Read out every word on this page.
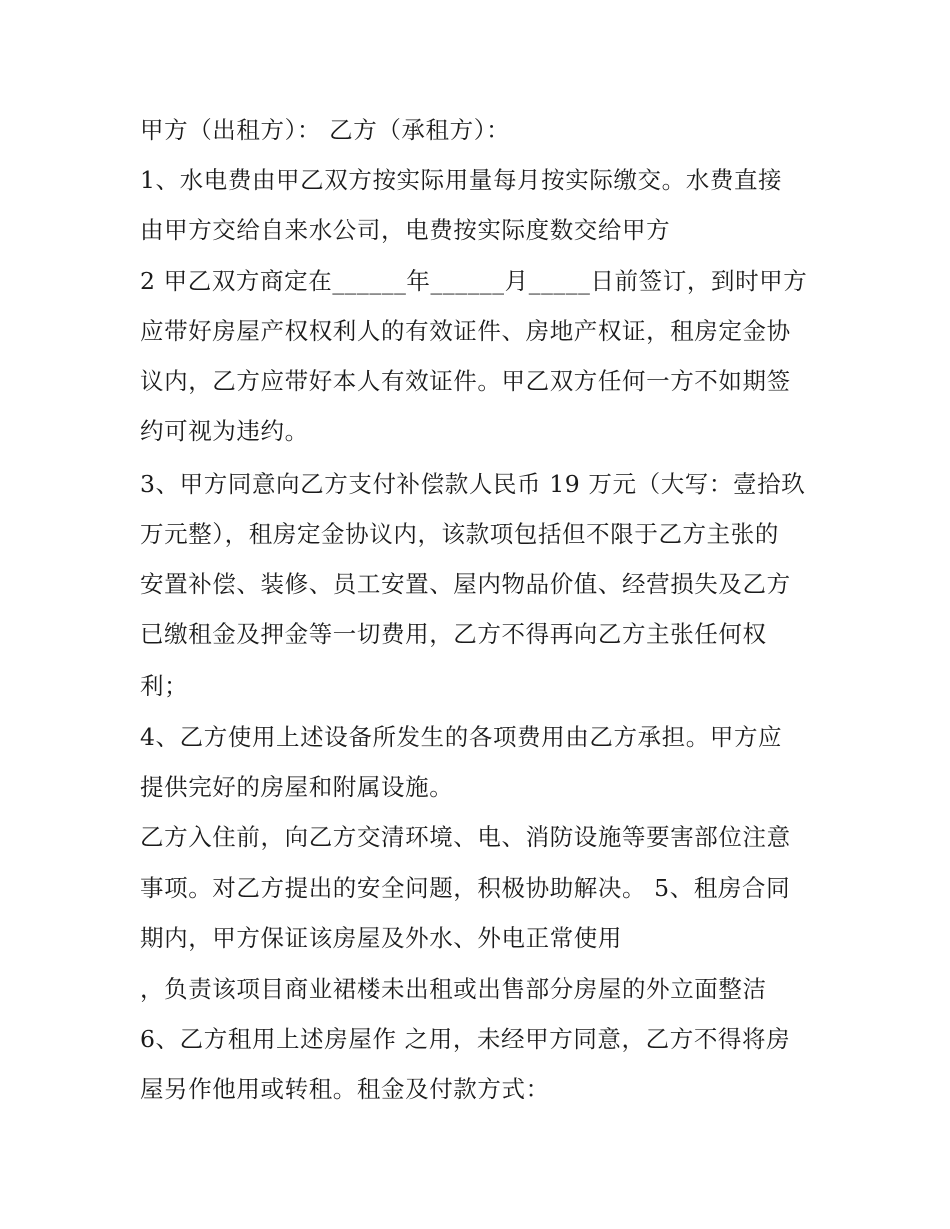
甲方（出租方）： 乙方（承租方）：
1、水电费由甲乙双方按实际用量每月按实际缴交。水费直接
由甲方交给自来水公司，电费按实际度数交给甲方
2 甲乙双方商定在______年______月_____日前签订，到时甲方
应带好房屋产权权利人的有效证件、房地产权证，租房定金协
议内，乙方应带好本人有效证件。甲乙双方任何一方不如期签
约可视为违约。
3、甲方同意向乙方支付补偿款人民币 19 万元（大写：壹拾玖
万元整），租房定金协议内，该款项包括但不限于乙方主张的
安置补偿、装修、员工安置、屋内物品价值、经营损失及乙方
已缴租金及押金等一切费用，乙方不得再向乙方主张任何权
利；
4、乙方使用上述设备所发生的各项费用由乙方承担。甲方应
提供完好的房屋和附属设施。
乙方入住前，向乙方交清环境、电、消防设施等要害部位注意
事项。对乙方提出的安全问题，积极协助解决。 5、租房合同
期内，甲方保证该房屋及外水、外电正常使用
，负责该项目商业裙楼未出租或出售部分房屋的外立面整洁
6、乙方租用上述房屋作 之用，未经甲方同意，乙方不得将房
屋另作他用或转租。租金及付款方式：
